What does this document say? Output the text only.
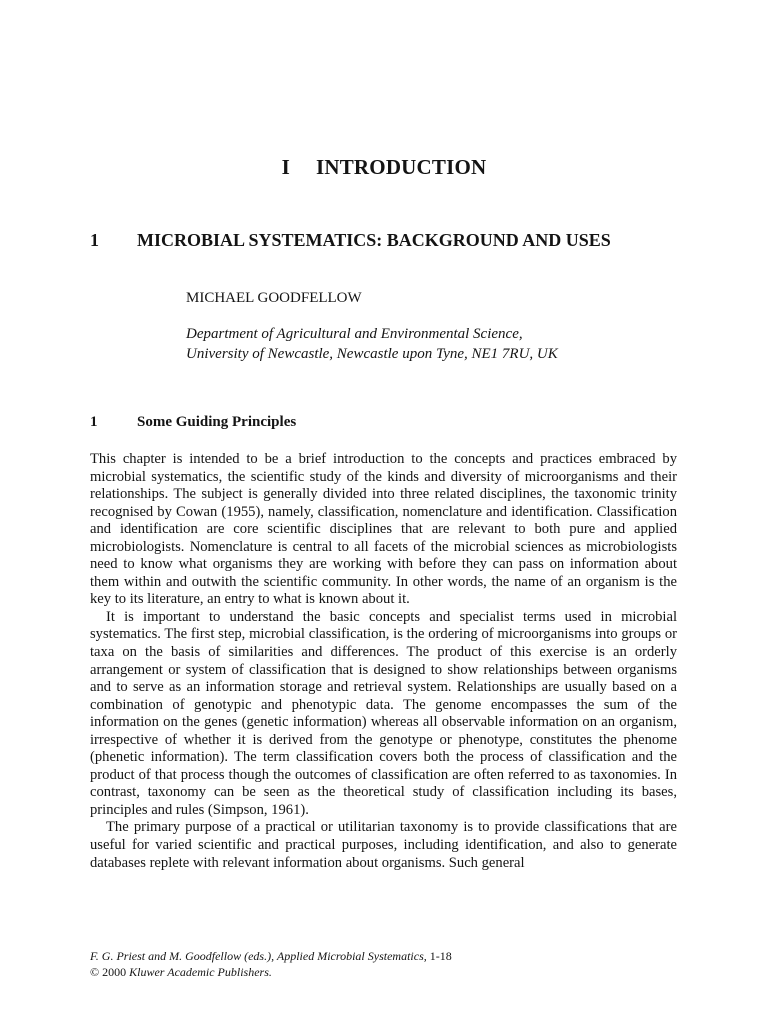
I INTRODUCTION
1 MICROBIAL SYSTEMATICS: BACKGROUND AND USES
MICHAEL GOODFELLOW
Department of Agricultural and Environmental Science,
University of Newcastle, Newcastle upon Tyne, NE1 7RU, UK
1	Some Guiding Principles

This chapter is intended to be a brief introduction to the concepts and practices embraced by microbial systematics, the scientific study of the kinds and diversity of microorganisms and their relationships. The subject is generally divided into three related disciplines, the taxonomic trinity recognised by Cowan (1955), namely, classification, nomenclature and identification. Classification and identification are core scientific disciplines that are relevant to both pure and applied microbiologists. Nomenclature is central to all facets of the microbial sciences as microbiologists need to know what organisms they are working with before they can pass on information about them within and outwith the scientific community. In other words, the name of an organism is the key to its literature, an entry to what is known about it.

It is important to understand the basic concepts and specialist terms used in microbial systematics. The first step, microbial classification, is the ordering of microorganisms into groups or taxa on the basis of similarities and differences. The product of this exercise is an orderly arrangement or system of classification that is designed to show relationships between organisms and to serve as an information storage and retrieval system. Relationships are usually based on a combination of genotypic and phenotypic data. The genome encompasses the sum of the information on the genes (genetic information) whereas all observable information on an organism, irrespective of whether it is derived from the genotype or phenotype, constitutes the phenome (phenetic information). The term classification covers both the process of classification and the product of that process though the outcomes of classification are often referred to as taxonomies. In contrast, taxonomy can be seen as the theoretical study of classification including its bases, principles and rules (Simpson, 1961).

The primary purpose of a practical or utilitarian taxonomy is to provide classifications that are useful for varied scientific and practical purposes, including identification, and also to generate databases replete with relevant information about organisms. Such general

F. G. Priest and M. Goodfellow (eds.), Applied Microbial Systematics, 1-18
© 2000 Kluwer Academic Publishers.
